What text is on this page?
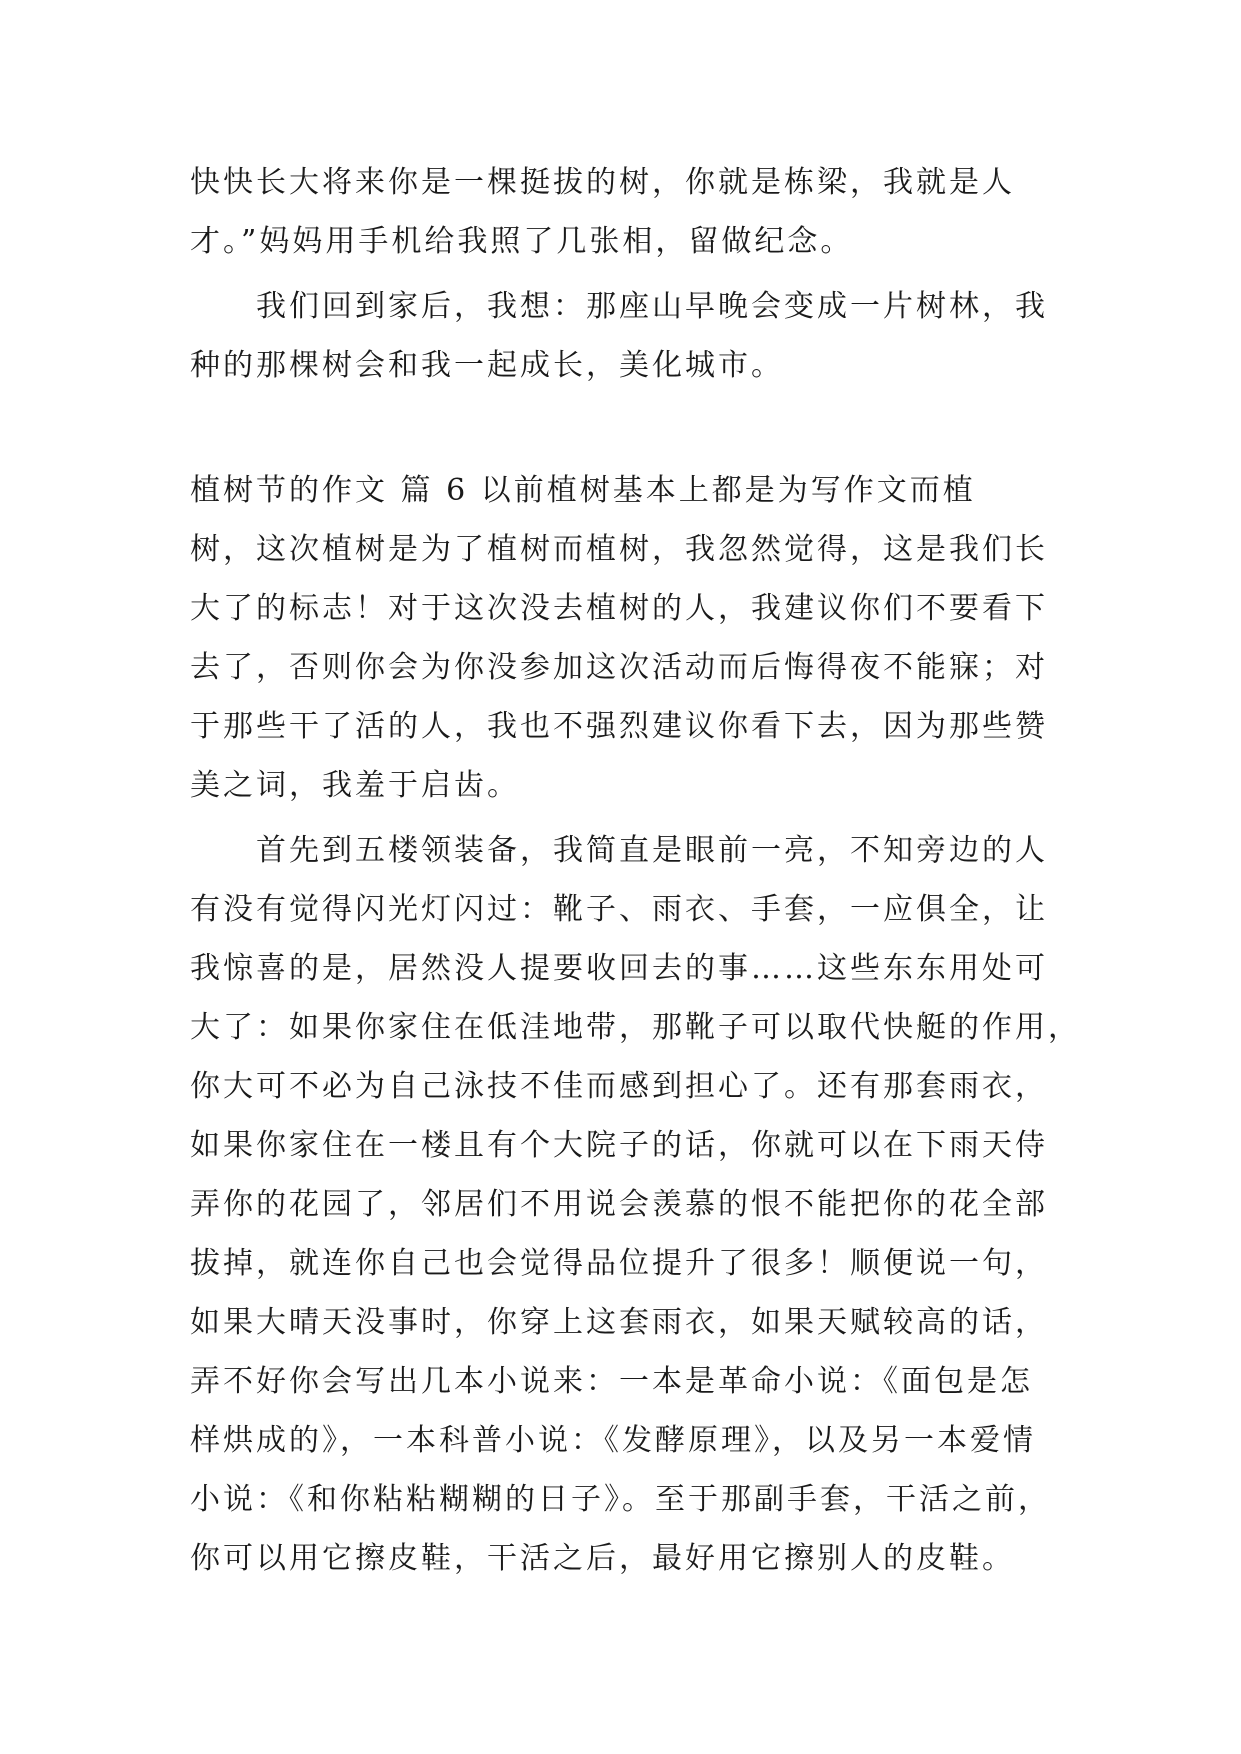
快快长大将来你是一棵挺拔的树，你就是栋梁，我就是人
才。”妈妈用手机给我照了几张相，留做纪念。
我们回到家后，我想：那座山早晚会变成一片树林，我
种的那棵树会和我一起成长，美化城市。
植树节的作文 篇 6 以前植树基本上都是为写作文而植
树，这次植树是为了植树而植树，我忽然觉得，这是我们长
大了的标志！对于这次没去植树的人，我建议你们不要看下
去了，否则你会为你没参加这次活动而后悔得夜不能寐；对
于那些干了活的人，我也不强烈建议你看下去，因为那些赞
美之词，我羞于启齿。
首先到五楼领装备，我简直是眼前一亮，不知旁边的人
有没有觉得闪光灯闪过：靴子、雨衣、手套，一应俱全，让
我惊喜的是，居然没人提要收回去的事……这些东东用处可
大了：如果你家住在低洼地带，那靴子可以取代快艇的作用，
你大可不必为自己泳技不佳而感到担心了。还有那套雨衣，
如果你家住在一楼且有个大院子的话，你就可以在下雨天侍
弄你的花园了，邻居们不用说会羡慕的恨不能把你的花全部
拔掉，就连你自己也会觉得品位提升了很多！顺便说一句，
如果大晴天没事时，你穿上这套雨衣，如果天赋较高的话，
弄不好你会写出几本小说来：一本是革命小说：《面包是怎
样烘成的》，一本科普小说：《发酵原理》，以及另一本爱情
小说：《和你粘粘糊糊的日子》。至于那副手套，干活之前，
你可以用它擦皮鞋，干活之后，最好用它擦别人的皮鞋。
